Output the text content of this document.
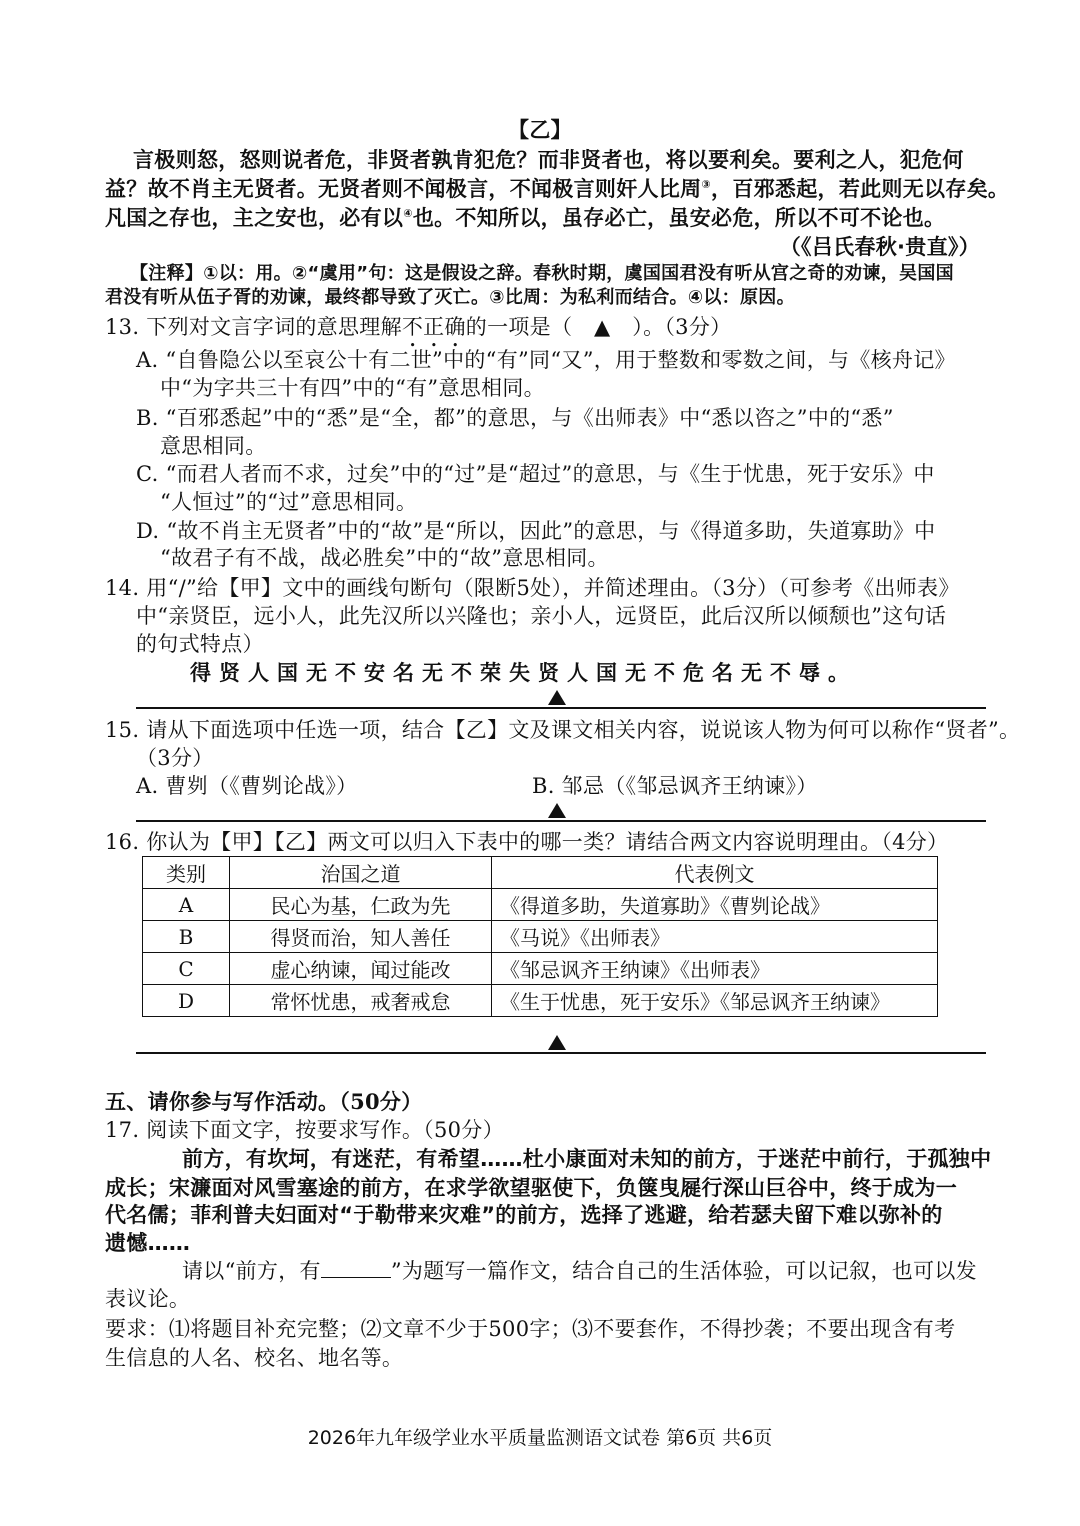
【乙】
言极则怒，怒则说者危，非贤者孰肯犯危？而非贤者也，将以要利矣。要利之人，犯危何
益？故不肖主无贤者。无贤者则不闻极言，不闻极言则奸人比周③，百邪悉起，若此则无以存矣。
凡国之存也，主之安也，必有以④也。不知所以，虽存必亡，虽安必危，所以不可不论也。
（《吕氏春秋·贵直》）
【注释】①以：用。②“虞用”句：这是假设之辞。春秋时期，虞国国君没有听从宫之奇的劝谏，吴国国
君没有听从伍子胥的劝谏，最终都导致了灭亡。③比周：为私利而结合。④以：原因。
13. 下列对文言字词的意思理解不正确的一项是（ ▲ ）。（3分）
A. “自鲁隐公以至哀公十有二世”中的“有”同“又”，用于整数和零数之间，与《核舟记》
中“为字共三十有四”中的“有”意思相同。
B. “百邪悉起”中的“悉”是“全，都”的意思，与《出师表》中“悉以咨之”中的“悉”
意思相同。
C. “而君人者而不求，过矣”中的“过”是“超过”的意思，与《生于忧患，死于安乐》中
“人恒过”的“过”意思相同。
D. “故不肖主无贤者”中的“故”是“所以，因此”的意思，与《得道多助，失道寡助》中
“故君子有不战，战必胜矣”中的“故”意思相同。
14. 用“/”给【甲】文中的画线句断句（限断5处），并简述理由。（3分）（可参考《出师表》
中“亲贤臣，远小人，此先汉所以兴隆也；亲小人，远贤臣，此后汉所以倾颓也”这句话
的句式特点）
得贤人国无不安名无不荣失贤人国无不危名无不辱。
15. 请从下面选项中任选一项，结合【乙】文及课文相关内容，说说该人物为何可以称作“贤者”。
（3分）
A. 曹刿（《曹刿论战》）	B. 邹忌（《邹忌讽齐王纳谏》）
16. 你认为【甲】【乙】两文可以归入下表中的哪一类？请结合两文内容说明理由。（4分）
类别	治国之道	代表例文
A	民心为基，仁政为先	《得道多助，失道寡助》《曹刿论战》
B	得贤而治，知人善任	《马说》《出师表》
C	虚心纳谏，闻过能改	《邹忌讽齐王纳谏》《出师表》
D	常怀忧患，戒奢戒怠	《生于忧患，死于安乐》《邹忌讽齐王纳谏》
五、请你参与写作活动。（50分）
17. 阅读下面文字，按要求写作。（50分）
前方，有坎坷，有迷茫，有希望……杜小康面对未知的前方，于迷茫中前行，于孤独中
成长；宋濂面对风雪塞途的前方，在求学欲望驱使下，负箧曳屣行深山巨谷中，终于成为一
代名儒；菲利普夫妇面对“于勒带来灾难”的前方，选择了逃避，给若瑟夫留下难以弥补的
遗憾……
请以“前方，有	”为题写一篇作文，结合自己的生活体验，可以记叙，也可以发
表议论。
要求：⑴将题目补充完整；⑵文章不少于500字；⑶不要套作，不得抄袭；不要出现含有考
生信息的人名、校名、地名等。
2026年九年级学业水平质量监测语文试卷 第6页 共6页
